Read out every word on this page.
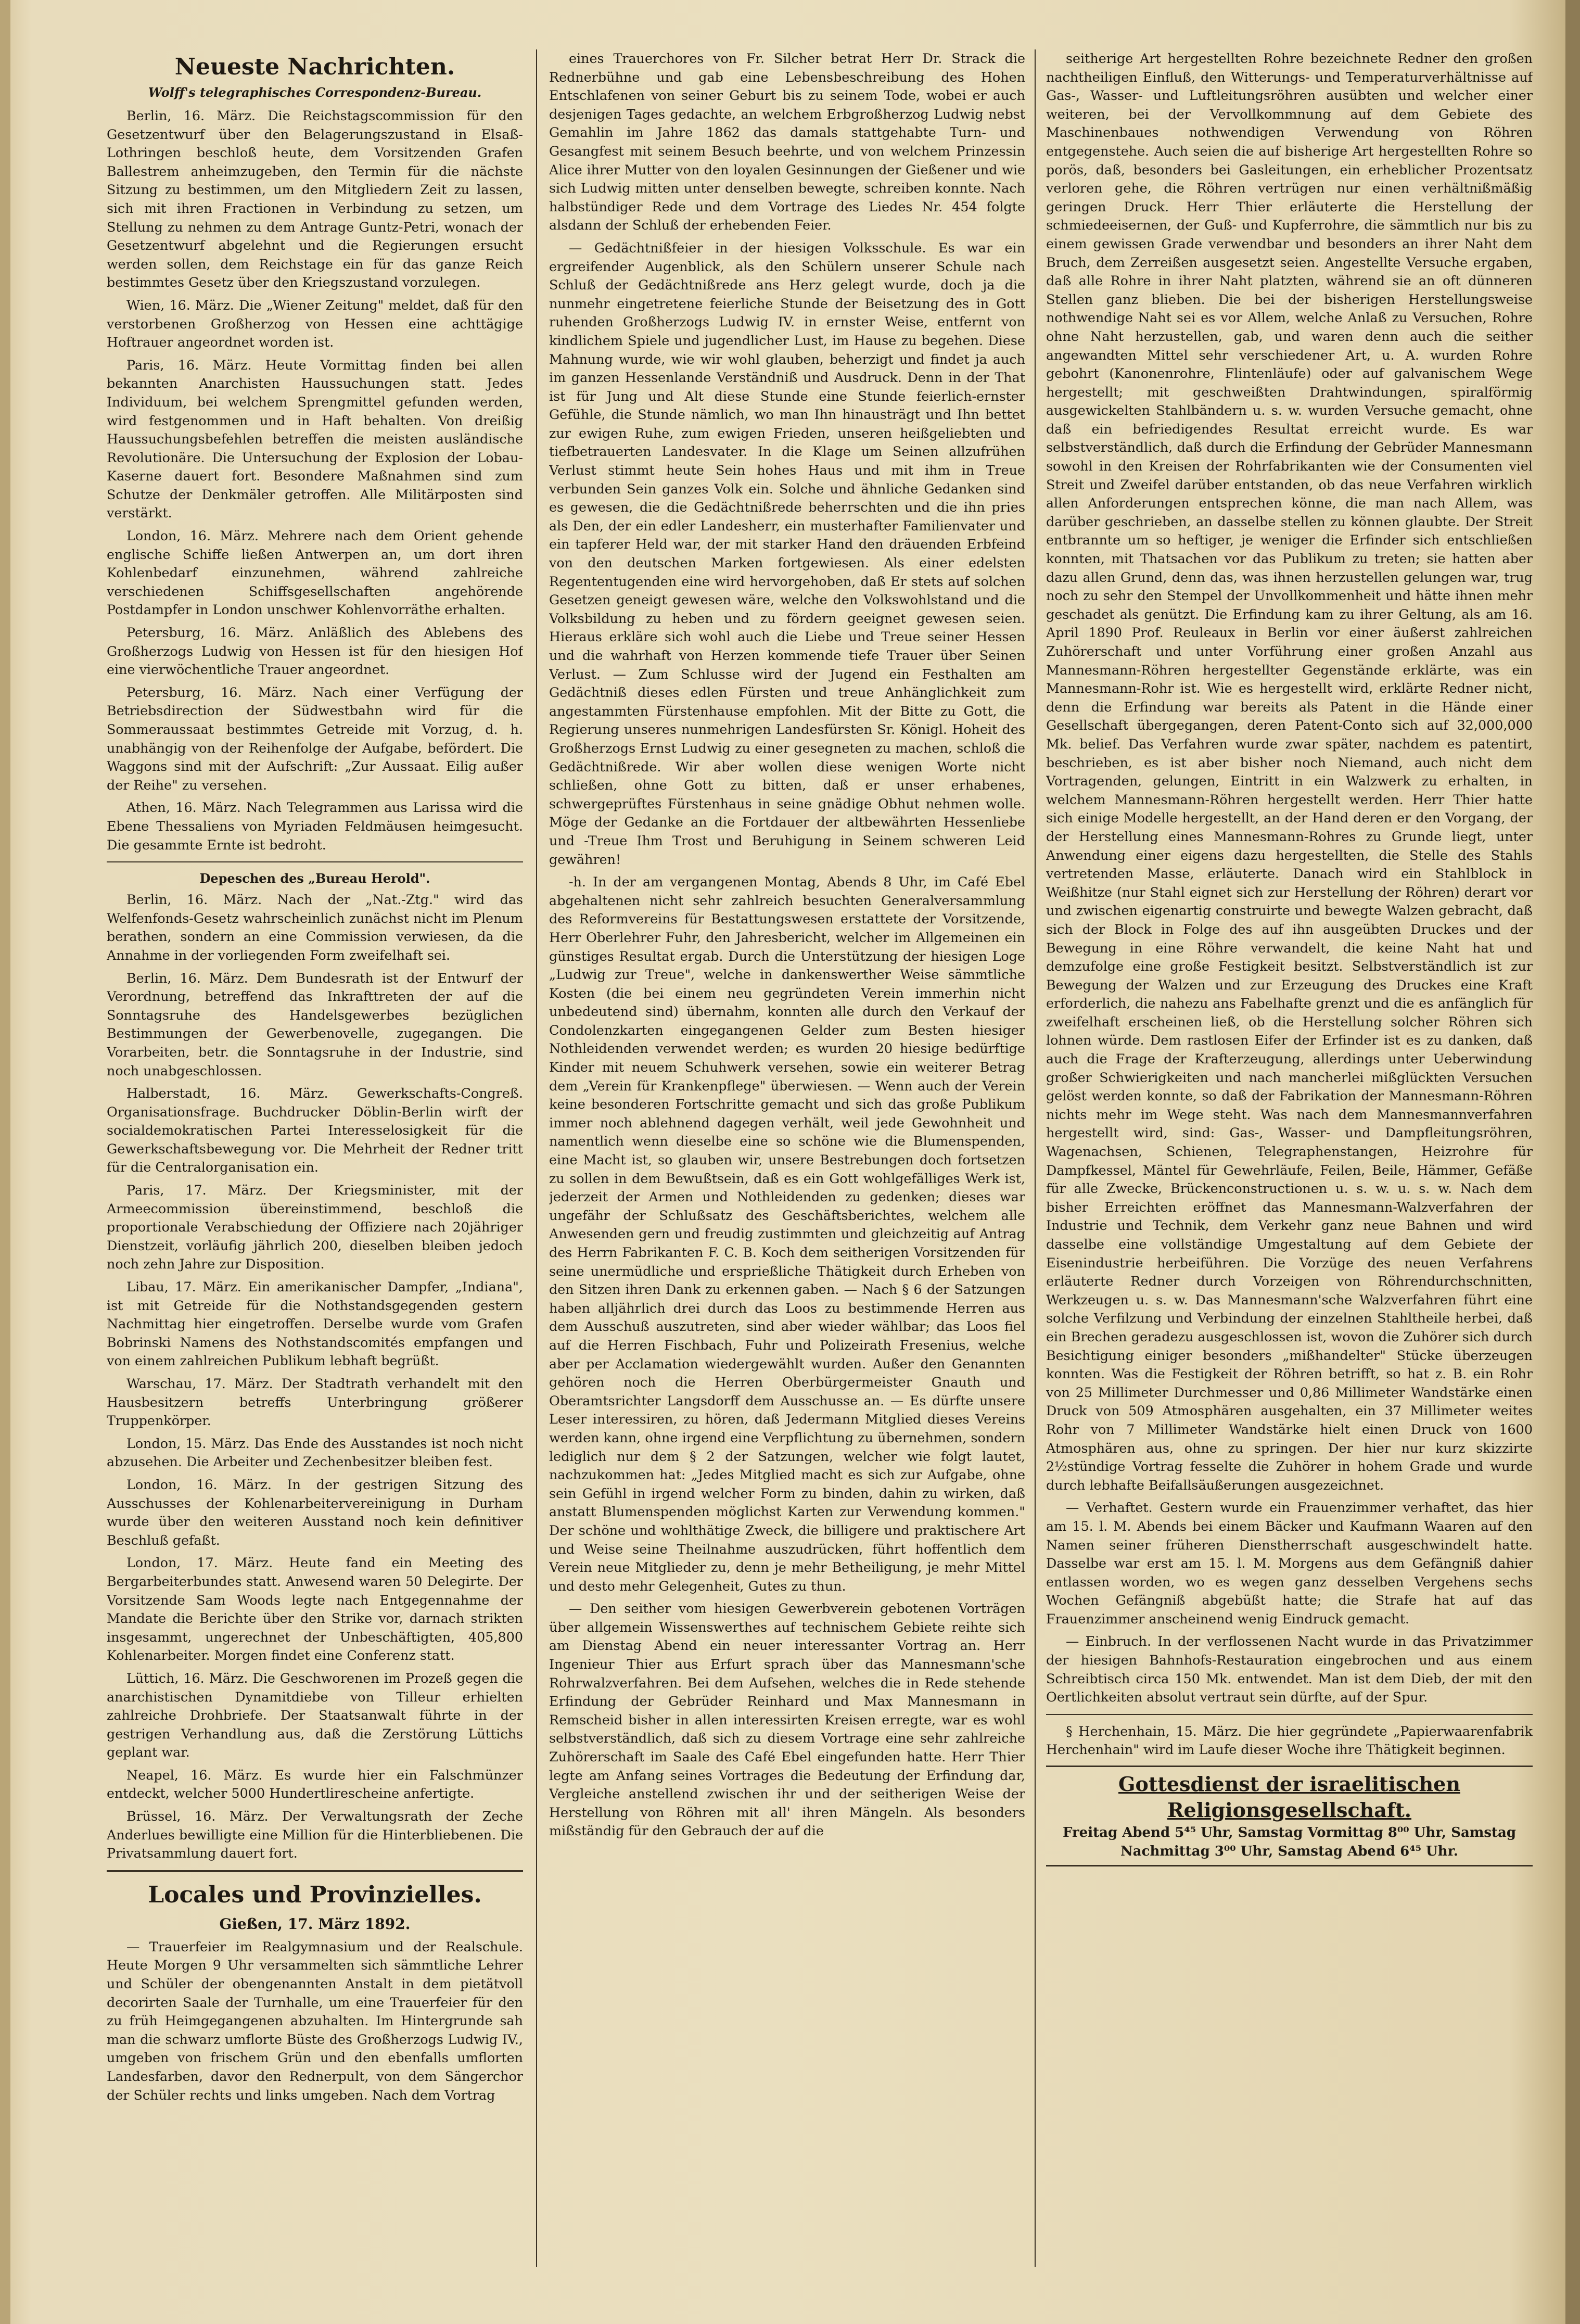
Neueste Nachrichten.
Wolff's telegraphisches Correspondenz-Bureau.

Berlin, 16. März. Die Reichstagscommission für den Gesetzentwurf über den Belagerungszustand in Elsaß-Lothringen beschloß heute, dem Vorsitzenden Grafen Ballestrem anheimzugeben, den Termin für die nächste Sitzung zu bestimmen, um den Mitgliedern Zeit zu lassen, sich mit ihren Fractionen in Verbindung zu setzen, um Stellung zu nehmen zu dem Antrage Guntz-Petri, wonach der Gesetzentwurf abgelehnt und die Regierungen ersucht werden sollen, dem Reichstage ein für das ganze Reich bestimmtes Gesetz über den Kriegszustand vorzulegen.

Wien, 16. März. Die „Wiener Zeitung" meldet, daß für den verstorbenen Großherzog von Hessen eine achttägige Hoftrauer angeordnet worden ist.

Paris, 16. März. Heute Vormittag finden bei allen bekannten Anarchisten Haussuchungen statt. Jedes Individuum, bei welchem Sprengmittel gefunden werden, wird festgenommen und in Haft behalten. Von dreißig Haussuchungsbefehlen betreffen die meisten ausländische Revolutionäre. Die Untersuchung der Explosion der Lobau-Kaserne dauert fort. Besondere Maßnahmen sind zum Schutze der Denkmäler getroffen. Alle Militärposten sind verstärkt.

London, 16. März. Mehrere nach dem Orient gehende englische Schiffe ließen Antwerpen an, um dort ihren Kohlenbedarf einzunehmen, während zahlreiche verschiedenen Schiffsgesellschaften angehörende Postdampfer in London unschwer Kohlenvorräthe erhalten.

Petersburg, 16. März. Anläßlich des Ablebens des Großherzogs Ludwig von Hessen ist für den hiesigen Hof eine vierwöchentliche Trauer angeordnet.

Petersburg, 16. März. Nach einer Verfügung der Betriebsdirection der Südwestbahn wird für die Sommeraussaat bestimmtes Getreide mit Vorzug, d. h. unabhängig von der Reihenfolge der Aufgabe, befördert. Die Waggons sind mit der Aufschrift: „Zur Aussaat. Eilig außer der Reihe" zu versehen.

Athen, 16. März. Nach Telegrammen aus Larissa wird die Ebene Thessaliens von Myriaden Feldmäusen heimgesucht. Die gesammte Ernte ist bedroht.

Depeschen des „Bureau Herold".

Berlin, 16. März. Nach der „Nat.-Ztg." wird das Welfenfonds-Gesetz wahrscheinlich zunächst nicht im Plenum berathen, sondern an eine Commission verwiesen, da die Annahme in der vorliegenden Form zweifelhaft sei.

Berlin, 16. März. Dem Bundesrath ist der Entwurf der Verordnung, betreffend das Inkrafttreten der auf die Sonntagsruhe des Handelsgewerbes bezüglichen Bestimmungen der Gewerbenovelle, zugegangen. Die Vorarbeiten, betr. die Sonntagsruhe in der Industrie, sind noch unabgeschlossen.

Halberstadt, 16. März. Gewerkschafts-Congreß. Organisationsfrage. Buchdrucker Döblin-Berlin wirft der socialdemokratischen Partei Interesselosigkeit für die Gewerkschaftsbewegung vor. Die Mehrheit der Redner tritt für die Centralorganisation ein.

Paris, 17. März. Der Kriegsminister, mit der Armeecommission übereinstimmend, beschloß die proportionale Verabschiedung der Offiziere nach 20jähriger Dienstzeit, vorläufig jährlich 200, dieselben bleiben jedoch noch zehn Jahre zur Disposition.

Libau, 17. März. Ein amerikanischer Dampfer, „Indiana", ist mit Getreide für die Nothstandsgegenden gestern Nachmittag hier eingetroffen. Derselbe wurde vom Grafen Bobrinski Namens des Nothstandscomités empfangen und von einem zahlreichen Publikum lebhaft begrüßt.

Warschau, 17. März. Der Stadtrath verhandelt mit den Hausbesitzern betreffs Unterbringung größerer Truppenkörper.

London, 15. März. Das Ende des Ausstandes ist noch nicht abzusehen. Die Arbeiter und Zechenbesitzer bleiben fest.

London, 16. März. In der gestrigen Sitzung des Ausschusses der Kohlenarbeitervereinigung in Durham wurde über den weiteren Ausstand noch kein definitiver Beschluß gefaßt.

London, 17. März. Heute fand ein Meeting des Bergarbeiterbundes statt. Anwesend waren 50 Delegirte. Der Vorsitzende Sam Woods legte nach Entgegennahme der Mandate die Berichte über den Strike vor, darnach strikten insgesammt, ungerechnet der Unbeschäftigten, 405,800 Kohlenarbeiter. Morgen findet eine Conferenz statt.

Lüttich, 16. März. Die Geschworenen im Prozeß gegen die anarchistischen Dynamitdiebe von Tilleur erhielten zahlreiche Drohbriefe. Der Staatsanwalt führte in der gestrigen Verhandlung aus, daß die Zerstörung Lüttichs geplant war.

Neapel, 16. März. Es wurde hier ein Falschmünzer entdeckt, welcher 5000 Hundertlirescheine anfertigte.

Brüssel, 16. März. Der Verwaltungsrath der Zeche Anderlues bewilligte eine Million für die Hinterbliebenen. Die Privatsammlung dauert fort.

Locales und Provinzielles.
Gießen, 17. März 1892.

— Trauerfeier im Realgymnasium und der Realschule. Heute Morgen 9 Uhr versammelten sich sämmtliche Lehrer und Schüler der obengenannten Anstalt in dem pietätvoll decorirten Saale der Turnhalle, um eine Trauerfeier für den zu früh Heimgegangenen abzuhalten. Im Hintergrunde sah man die schwarz umflorte Büste des Großherzogs Ludwig IV., umgeben von frischem Grün und den ebenfalls umflorten Landesfarben, davor den Rednerpult, von dem Sängerchor der Schüler rechts und links umgeben. Nach dem Vortrag

eines Trauerchores von Fr. Silcher betrat Herr Dr. Strack die Rednerbühne und gab eine Lebensbeschreibung des Hohen Entschlafenen von seiner Geburt bis zu seinem Tode, wobei er auch desjenigen Tages gedachte, an welchem Erbgroßherzog Ludwig nebst Gemahlin im Jahre 1862 das damals stattgehabte Turn- und Gesangfest mit seinem Besuch beehrte, und von welchem Prinzessin Alice ihrer Mutter von den loyalen Gesinnungen der Gießener und wie sich Ludwig mitten unter denselben bewegte, schreiben konnte. Nach halbstündiger Rede und dem Vortrage des Liedes Nr. 454 folgte alsdann der Schluß der erhebenden Feier.

— Gedächtnißfeier in der hiesigen Volksschule. Es war ein ergreifender Augenblick, als den Schülern unserer Schule nach Schluß der Gedächtnißrede ans Herz gelegt wurde, doch ja die nunmehr eingetretene feierliche Stunde der Beisetzung des in Gott ruhenden Großherzogs Ludwig IV. in ernster Weise, entfernt von kindlichem Spiele und jugendlicher Lust, im Hause zu begehen. Diese Mahnung wurde, wie wir wohl glauben, beherzigt und findet ja auch im ganzen Hessenlande Verständniß und Ausdruck. Denn in der That ist für Jung und Alt diese Stunde eine Stunde feierlich-ernster Gefühle, die Stunde nämlich, wo man Ihn hinausträgt und Ihn bettet zur ewigen Ruhe, zum ewigen Frieden, unseren heißgeliebten und tiefbetrauerten Landesvater. In die Klage um Seinen allzufrühen Verlust stimmt heute Sein hohes Haus und mit ihm in Treue verbunden Sein ganzes Volk ein. Solche und ähnliche Gedanken sind es gewesen, die die Gedächtnißrede beherrschten und die ihn pries als Den, der ein edler Landesherr, ein musterhafter Familienvater und ein tapferer Held war, der mit starker Hand den dräuenden Erbfeind von den deutschen Marken fortgewiesen. Als einer edelsten Regententugenden eine wird hervorgehoben, daß Er stets auf solchen Gesetzen geneigt gewesen wäre, welche den Volkswohlstand und die Volksbildung zu heben und zu fördern geeignet gewesen seien. Hieraus erkläre sich wohl auch die Liebe und Treue seiner Hessen und die wahrhaft von Herzen kommende tiefe Trauer über Seinen Verlust. — Zum Schlusse wird der Jugend ein Festhalten am Gedächtniß dieses edlen Fürsten und treue Anhänglichkeit zum angestammten Fürstenhause empfohlen. Mit der Bitte zu Gott, die Regierung unseres nunmehrigen Landesfürsten Sr. Königl. Hoheit des Großherzogs Ernst Ludwig zu einer gesegneten zu machen, schloß die Gedächtnißrede. Wir aber wollen diese wenigen Worte nicht schließen, ohne Gott zu bitten, daß er unser erhabenes, schwergeprüftes Fürstenhaus in seine gnädige Obhut nehmen wolle. Möge der Gedanke an die Fortdauer der altbewährten Hessenliebe und -Treue Ihm Trost und Beruhigung in Seinem schweren Leid gewähren!

-h. In der am vergangenen Montag, Abends 8 Uhr, im Café Ebel abgehaltenen nicht sehr zahlreich besuchten Generalversammlung des Reformvereins für Bestattungswesen erstattete der Vorsitzende, Herr Oberlehrer Fuhr, den Jahresbericht, welcher im Allgemeinen ein günstiges Resultat ergab. Durch die Unterstützung der hiesigen Loge „Ludwig zur Treue", welche in dankenswerther Weise sämmtliche Kosten (die bei einem neu gegründeten Verein immerhin nicht unbedeutend sind) übernahm, konnten alle durch den Verkauf der Condolenzkarten eingegangenen Gelder zum Besten hiesiger Nothleidenden verwendet werden; es wurden 20 hiesige bedürftige Kinder mit neuem Schuhwerk versehen, sowie ein weiterer Betrag dem „Verein für Krankenpflege" überwiesen. — Wenn auch der Verein keine besonderen Fortschritte gemacht und sich das große Publikum immer noch ablehnend dagegen verhält, weil jede Gewohnheit und namentlich wenn dieselbe eine so schöne wie die Blumenspenden, eine Macht ist, so glauben wir, unsere Bestrebungen doch fortsetzen zu sollen in dem Bewußtsein, daß es ein Gott wohlgefälliges Werk ist, jederzeit der Armen und Nothleidenden zu gedenken; dieses war ungefähr der Schlußsatz des Geschäftsberichtes, welchem alle Anwesenden gern und freudig zustimmten und gleichzeitig auf Antrag des Herrn Fabrikanten F. C. B. Koch dem seitherigen Vorsitzenden für seine unermüdliche und ersprießliche Thätigkeit durch Erheben von den Sitzen ihren Dank zu erkennen gaben. — Nach § 6 der Satzungen haben alljährlich drei durch das Loos zu bestimmende Herren aus dem Ausschuß auszutreten, sind aber wieder wählbar; das Loos fiel auf die Herren Fischbach, Fuhr und Polizeirath Fresenius, welche aber per Acclamation wiedergewählt wurden. Außer den Genannten gehören noch die Herren Oberbürgermeister Gnauth und Oberamtsrichter Langsdorff dem Ausschusse an. — Es dürfte unsere Leser interessiren, zu hören, daß Jedermann Mitglied dieses Vereins werden kann, ohne irgend eine Verpflichtung zu übernehmen, sondern lediglich nur dem § 2 der Satzungen, welcher wie folgt lautet, nachzukommen hat: „Jedes Mitglied macht es sich zur Aufgabe, ohne sein Gefühl in irgend welcher Form zu binden, dahin zu wirken, daß anstatt Blumenspenden möglichst Karten zur Verwendung kommen." Der schöne und wohlthätige Zweck, die billigere und praktischere Art und Weise seine Theilnahme auszudrücken, führt hoffentlich dem Verein neue Mitglieder zu, denn je mehr Betheiligung, je mehr Mittel und desto mehr Gelegenheit, Gutes zu thun.

— Den seither vom hiesigen Gewerbverein gebotenen Vorträgen über allgemein Wissenswerthes auf technischem Gebiete reihte sich am Dienstag Abend ein neuer interessanter Vortrag an. Herr Ingenieur Thier aus Erfurt sprach über das Mannesmann'sche Rohrwalzverfahren. Bei dem Aufsehen, welches die in Rede stehende Erfindung der Gebrüder Reinhard und Max Mannesmann in Remscheid bisher in allen interessirten Kreisen erregte, war es wohl selbstverständlich, daß sich zu diesem Vortrage eine sehr zahlreiche Zuhörerschaft im Saale des Café Ebel eingefunden hatte. Herr Thier legte am Anfang seines Vortrages die Bedeutung der Erfindung dar, Vergleiche anstellend zwischen ihr und der seitherigen Weise der Herstellung von Röhren mit all' ihren Mängeln. Als besonders mißständig für den Gebrauch der auf die

seitherige Art hergestellten Rohre bezeichnete Redner den großen nachtheiligen Einfluß, den Witterungs- und Temperaturverhältnisse auf Gas-, Wasser- und Luftleitungsröhren ausübten und welcher einer weiteren, bei der Vervollkommnung auf dem Gebiete des Maschinenbaues nothwendigen Verwendung von Röhren entgegenstehe. Auch seien die auf bisherige Art hergestellten Rohre so porös, daß, besonders bei Gasleitungen, ein erheblicher Prozentsatz verloren gehe, die Röhren vertrügen nur einen verhältnißmäßig geringen Druck. Herr Thier erläuterte die Herstellung der schmiedeeisernen, der Guß- und Kupferrohre, die sämmtlich nur bis zu einem gewissen Grade verwendbar und besonders an ihrer Naht dem Bruch, dem Zerreißen ausgesetzt seien. Angestellte Versuche ergaben, daß alle Rohre in ihrer Naht platzten, während sie an oft dünneren Stellen ganz blieben. Die bei der bisherigen Herstellungsweise nothwendige Naht sei es vor Allem, welche Anlaß zu Versuchen, Rohre ohne Naht herzustellen, gab, und waren denn auch die seither angewandten Mittel sehr verschiedener Art, u. A. wurden Rohre gebohrt (Kanonenrohre, Flintenläufe) oder auf galvanischem Wege hergestellt; mit geschweißten Drahtwindungen, spiralförmig ausgewickelten Stahlbändern u. s. w. wurden Versuche gemacht, ohne daß ein befriedigendes Resultat erreicht wurde. Es war selbstverständlich, daß durch die Erfindung der Gebrüder Mannesmann sowohl in den Kreisen der Rohrfabrikanten wie der Consumenten viel Streit und Zweifel darüber entstanden, ob das neue Verfahren wirklich allen Anforderungen entsprechen könne, die man nach Allem, was darüber geschrieben, an dasselbe stellen zu können glaubte. Der Streit entbrannte um so heftiger, je weniger die Erfinder sich entschließen konnten, mit Thatsachen vor das Publikum zu treten; sie hatten aber dazu allen Grund, denn das, was ihnen herzustellen gelungen war, trug noch zu sehr den Stempel der Unvollkommenheit und hätte ihnen mehr geschadet als genützt. Die Erfindung kam zu ihrer Geltung, als am 16. April 1890 Prof. Reuleaux in Berlin vor einer äußerst zahlreichen Zuhörerschaft und unter Vorführung einer großen Anzahl aus Mannesmann-Röhren hergestellter Gegenstände erklärte, was ein Mannesmann-Rohr ist. Wie es hergestellt wird, erklärte Redner nicht, denn die Erfindung war bereits als Patent in die Hände einer Gesellschaft übergegangen, deren Patent-Conto sich auf 32,000,000 Mk. belief. Das Verfahren wurde zwar später, nachdem es patentirt, beschrieben, es ist aber bisher noch Niemand, auch nicht dem Vortragenden, gelungen, Eintritt in ein Walzwerk zu erhalten, in welchem Mannesmann-Röhren hergestellt werden. Herr Thier hatte sich einige Modelle hergestellt, an der Hand deren er den Vorgang, der der Herstellung eines Mannesmann-Rohres zu Grunde liegt, unter Anwendung einer eigens dazu hergestellten, die Stelle des Stahls vertretenden Masse, erläuterte. Danach wird ein Stahlblock in Weißhitze (nur Stahl eignet sich zur Herstellung der Röhren) derart vor und zwischen eigenartig construirte und bewegte Walzen gebracht, daß sich der Block in Folge des auf ihn ausgeübten Druckes und der Bewegung in eine Röhre verwandelt, die keine Naht hat und demzufolge eine große Festigkeit besitzt. Selbstverständlich ist zur Bewegung der Walzen und zur Erzeugung des Druckes eine Kraft erforderlich, die nahezu ans Fabelhafte grenzt und die es anfänglich für zweifelhaft erscheinen ließ, ob die Herstellung solcher Röhren sich lohnen würde. Dem rastlosen Eifer der Erfinder ist es zu danken, daß auch die Frage der Krafterzeugung, allerdings unter Ueberwindung großer Schwierigkeiten und nach mancherlei mißglückten Versuchen gelöst werden konnte, so daß der Fabrikation der Mannesmann-Röhren nichts mehr im Wege steht. Was nach dem Mannesmannverfahren hergestellt wird, sind: Gas-, Wasser- und Dampfleitungsröhren, Wagenachsen, Schienen, Telegraphenstangen, Heizrohre für Dampfkessel, Mäntel für Gewehrläufe, Feilen, Beile, Hämmer, Gefäße für alle Zwecke, Brückenconstructionen u. s. w. u. s. w. Nach dem bisher Erreichten eröffnet das Mannesmann-Walzverfahren der Industrie und Technik, dem Verkehr ganz neue Bahnen und wird dasselbe eine vollständige Umgestaltung auf dem Gebiete der Eisenindustrie herbeiführen. Die Vorzüge des neuen Verfahrens erläuterte Redner durch Vorzeigen von Röhrendurchschnitten, Werkzeugen u. s. w. Das Mannesmann'sche Walzverfahren führt eine solche Verfilzung und Verbindung der einzelnen Stahltheile herbei, daß ein Brechen geradezu ausgeschlossen ist, wovon die Zuhörer sich durch Besichtigung einiger besonders „mißhandelter" Stücke überzeugen konnten. Was die Festigkeit der Röhren betrifft, so hat z. B. ein Rohr von 25 Millimeter Durchmesser und 0,86 Millimeter Wandstärke einen Druck von 509 Atmosphären ausgehalten, ein 37 Millimeter weites Rohr von 7 Millimeter Wandstärke hielt einen Druck von 1600 Atmosphären aus, ohne zu springen. Der hier nur kurz skizzirte 2½stündige Vortrag fesselte die Zuhörer in hohem Grade und wurde durch lebhafte Beifallsäußerungen ausgezeichnet.

— Verhaftet. Gestern wurde ein Frauenzimmer verhaftet, das hier am 15. l. M. Abends bei einem Bäcker und Kaufmann Waaren auf den Namen seiner früheren Dienstherrschaft ausgeschwindelt hatte. Dasselbe war erst am 15. l. M. Morgens aus dem Gefängniß dahier entlassen worden, wo es wegen ganz desselben Vergehens sechs Wochen Gefängniß abgebüßt hatte; die Strafe hat auf das Frauenzimmer anscheinend wenig Eindruck gemacht.

— Einbruch. In der verflossenen Nacht wurde in das Privatzimmer der hiesigen Bahnhofs-Restauration eingebrochen und aus einem Schreibtisch circa 150 Mk. entwendet. Man ist dem Dieb, der mit den Oertlichkeiten absolut vertraut sein dürfte, auf der Spur.

§ Herchenhain, 15. März. Die hier gegründete „Papierwaarenfabrik Herchenhain" wird im Laufe dieser Woche ihre Thätigkeit beginnen.

Gottesdienst der israelitischen Religionsgesellschaft.
Freitag Abend 5⁴⁵ Uhr, Samstag Vormittag 8⁰⁰ Uhr, Samstag Nachmittag 3⁰⁰ Uhr, Samstag Abend 6⁴⁵ Uhr.
